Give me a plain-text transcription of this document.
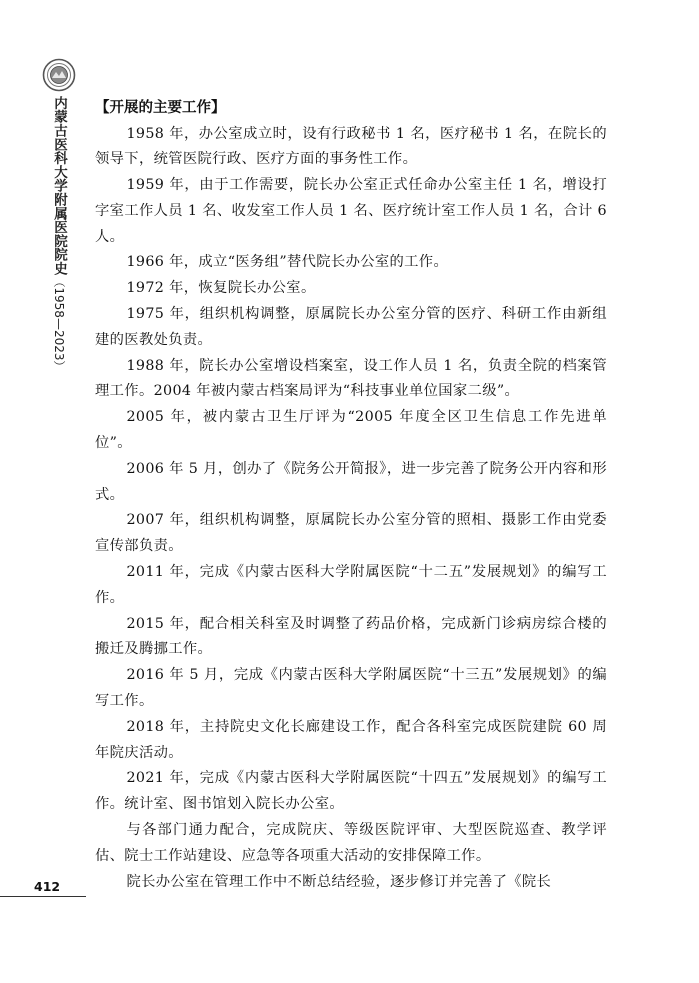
内蒙古医科大学附属医院院史（1958—2023）
412
【开展的主要工作】

1958 年，办公室成立时，设有行政秘书 1 名，医疗秘书 1 名，在院长的领导下，统管医院行政、医疗方面的事务性工作。

1959 年，由于工作需要，院长办公室正式任命办公室主任 1 名，增设打字室工作人员 1 名、收发室工作人员 1 名、医疗统计室工作人员 1 名，合计 6 人。

1966 年，成立“医务组”替代院长办公室的工作。

1972 年，恢复院长办公室。

1975 年，组织机构调整，原属院长办公室分管的医疗、科研工作由新组建的医教处负责。

1988 年，院长办公室增设档案室，设工作人员 1 名，负责全院的档案管理工作。2004 年被内蒙古档案局评为“科技事业单位国家二级”。

2005 年，被内蒙古卫生厅评为“2005 年度全区卫生信息工作先进单位”。

2006 年 5 月，创办了《院务公开简报》，进一步完善了院务公开内容和形式。

2007 年，组织机构调整，原属院长办公室分管的照相、摄影工作由党委宣传部负责。

2011 年，完成《内蒙古医科大学附属医院“十二五”发展规划》的编写工作。

2015 年，配合相关科室及时调整了药品价格，完成新门诊病房综合楼的搬迁及腾挪工作。

2016 年 5 月，完成《内蒙古医科大学附属医院“十三五”发展规划》的编写工作。

2018 年，主持院史文化长廊建设工作，配合各科室完成医院建院 60 周年院庆活动。

2021 年，完成《内蒙古医科大学附属医院“十四五”发展规划》的编写工作。统计室、图书馆划入院长办公室。

与各部门通力配合，完成院庆、等级医院评审、大型医院巡查、教学评估、院士工作站建设、应急等各项重大活动的安排保障工作。

院长办公室在管理工作中不断总结经验，逐步修订并完善了《院长
